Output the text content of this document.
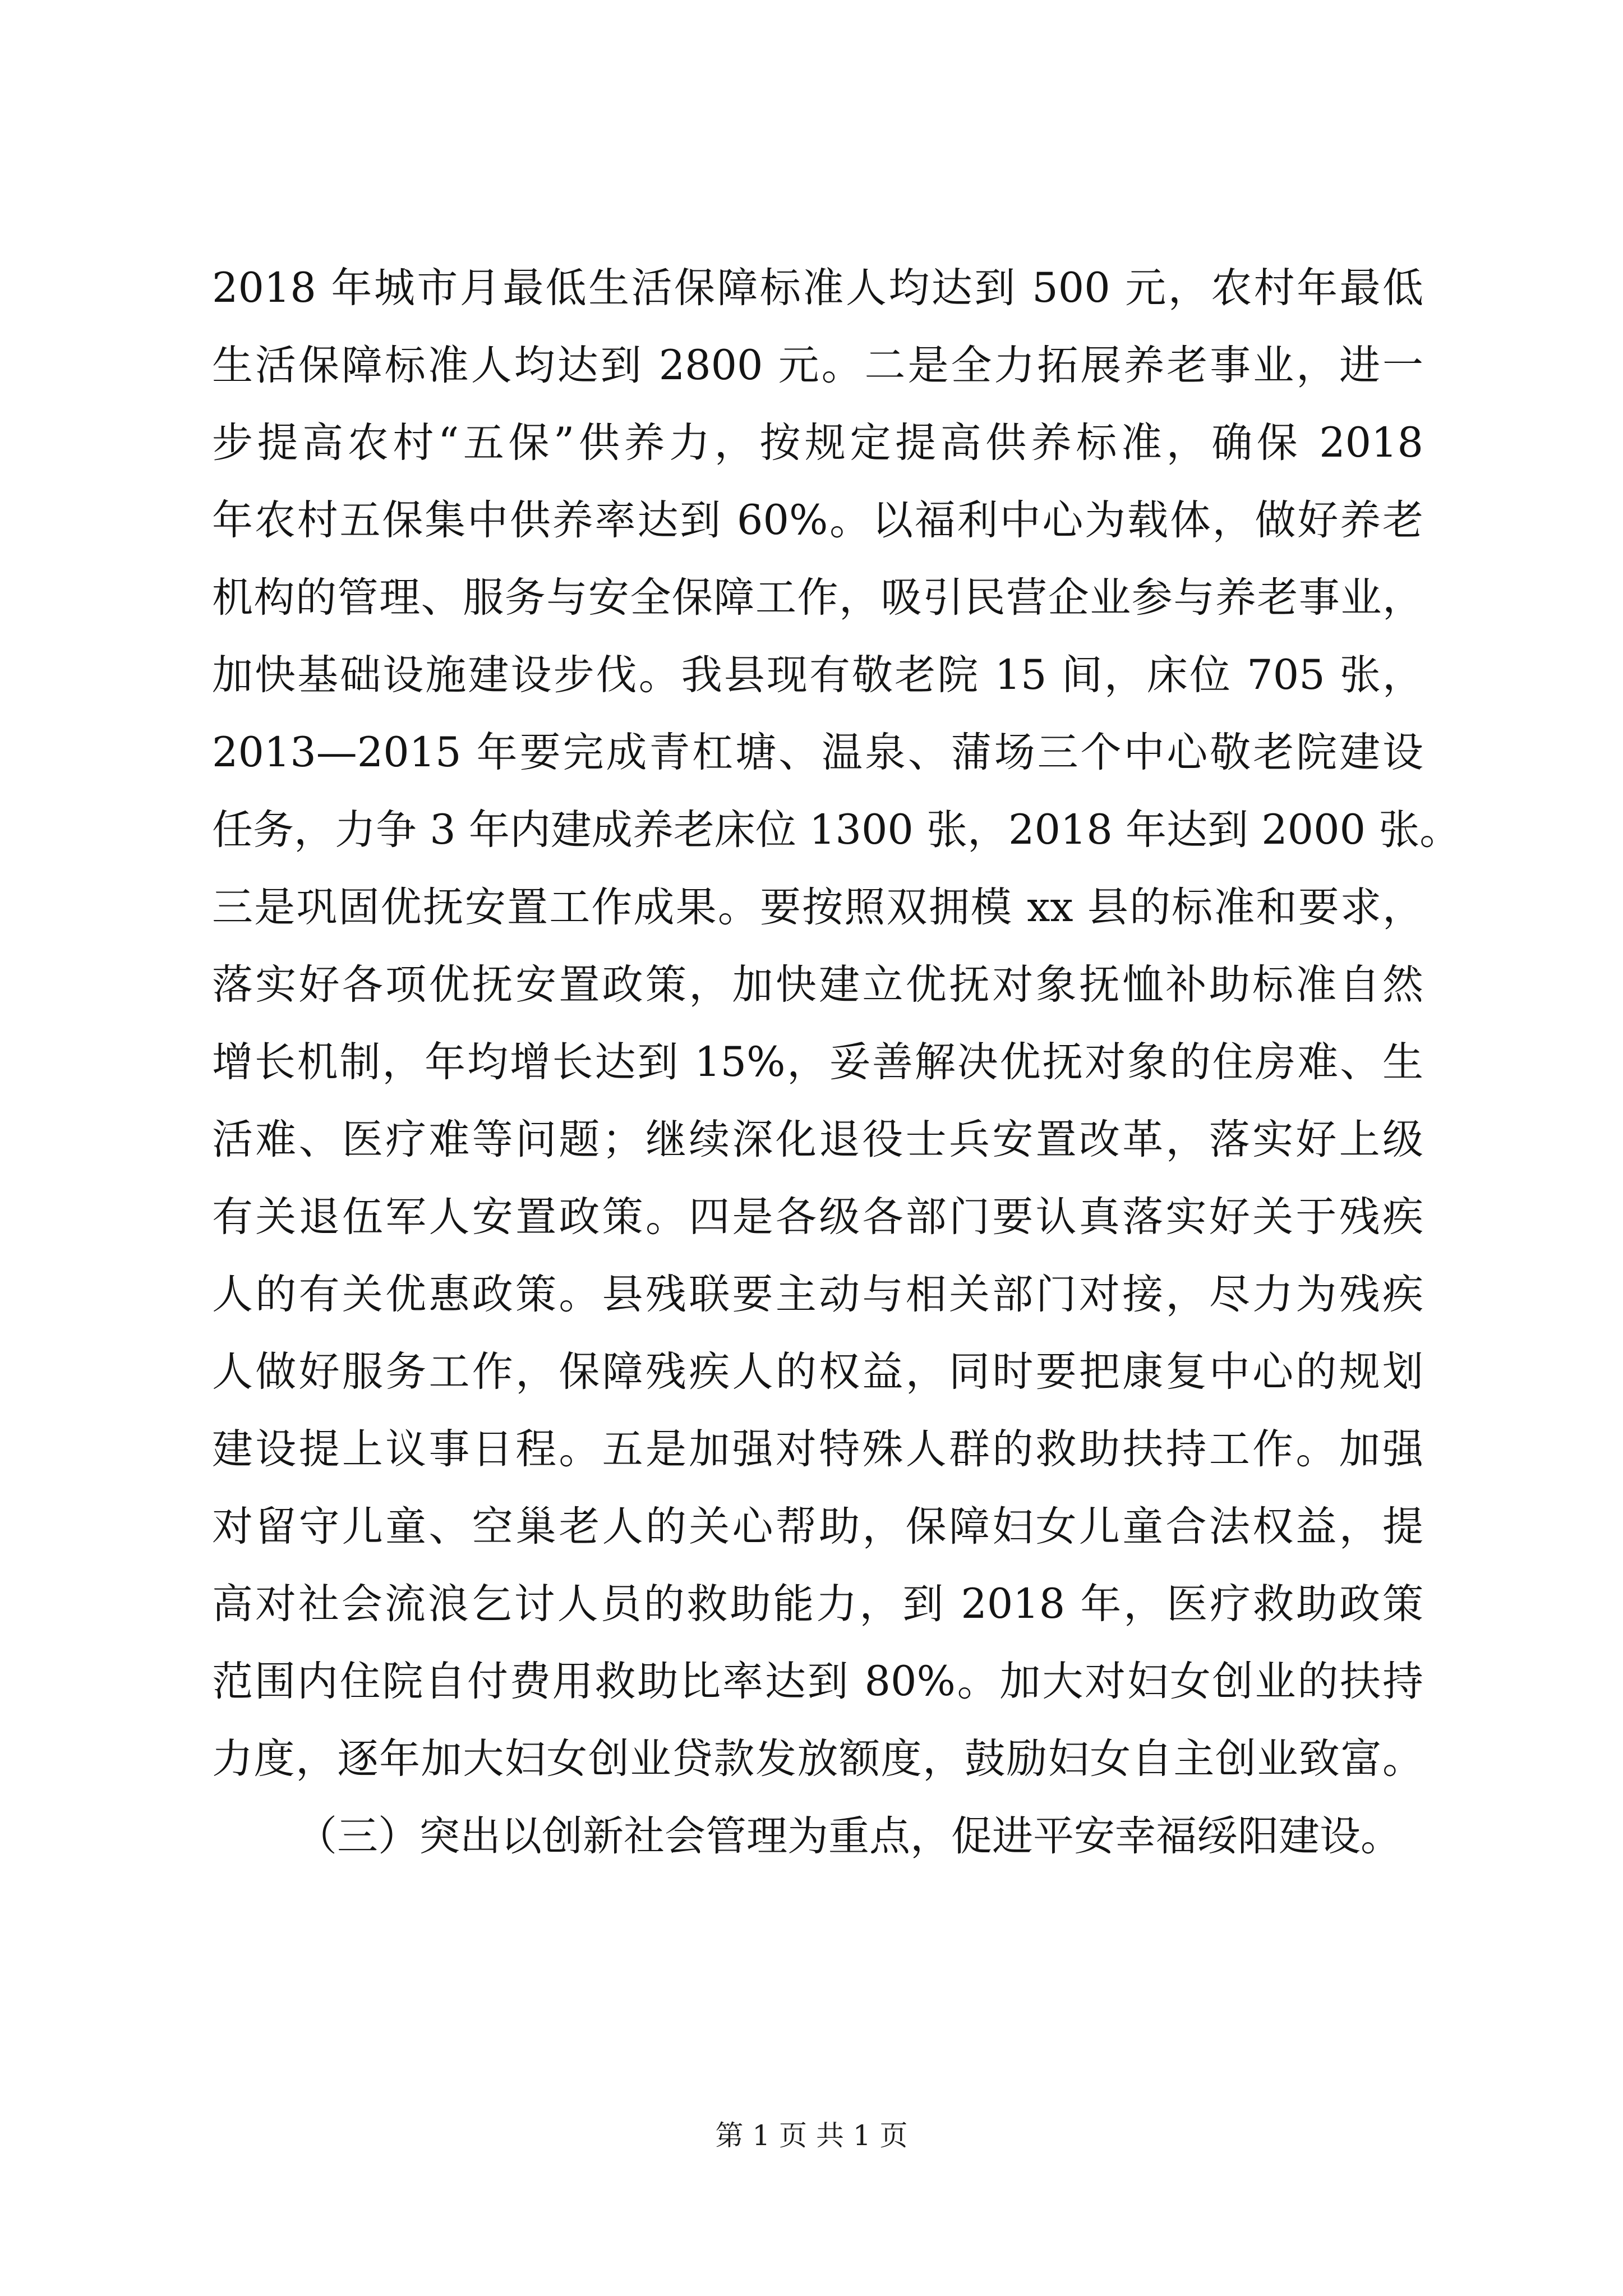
2018 年城市月最低生活保障标准人均达到 500 元，农村年最低
生活保障标准人均达到 2800 元。二是全力拓展养老事业，进一
步提高农村“五保”供养力，按规定提高供养标准，确保 2018
年农村五保集中供养率达到 60%。以福利中心为载体，做好养老
机构的管理、服务与安全保障工作，吸引民营企业参与养老事业，
加快基础设施建设步伐。我县现有敬老院 15 间，床位 705 张，
2013—2015 年要完成青杠塘、温泉、蒲场三个中心敬老院建设
任务，力争 3 年内建成养老床位 1300 张，2018 年达到 2000 张。
三是巩固优抚安置工作成果。要按照双拥模 xx 县的标准和要求，
落实好各项优抚安置政策，加快建立优抚对象抚恤补助标准自然
增长机制，年均增长达到 15%，妥善解决优抚对象的住房难、生
活难、医疗难等问题；继续深化退役士兵安置改革，落实好上级
有关退伍军人安置政策。四是各级各部门要认真落实好关于残疾
人的有关优惠政策。县残联要主动与相关部门对接，尽力为残疾
人做好服务工作，保障残疾人的权益，同时要把康复中心的规划
建设提上议事日程。五是加强对特殊人群的救助扶持工作。加强
对留守儿童、空巢老人的关心帮助，保障妇女儿童合法权益，提
高对社会流浪乞讨人员的救助能力，到 2018 年，医疗救助政策
范围内住院自付费用救助比率达到 80%。加大对妇女创业的扶持
力度，逐年加大妇女创业贷款发放额度，鼓励妇女自主创业致富。
（三）突出以创新社会管理为重点，促进平安幸福绥阳建设。
第 1 页 共 1 页
